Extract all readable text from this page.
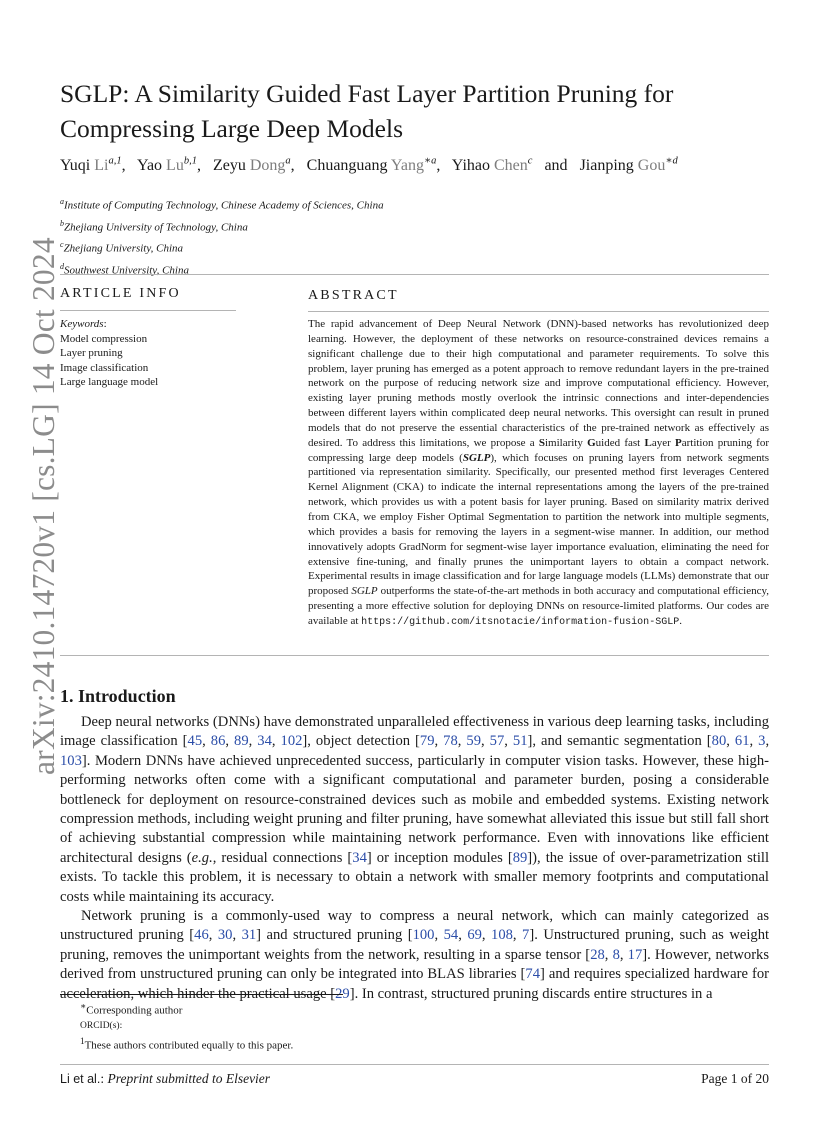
arXiv:2410.14720v1 [cs.LG] 14 Oct 2024
SGLP: A Similarity Guided Fast Layer Partition Pruning for Compressing Large Deep Models
Yuqi Li$^{a,1}$, Yao Lu$^{b,1}$, Zeyu Dong$^a$, Chuanguang Yang$^{∗a}$, Yihao Chen$^c$ and Jianping Gou$^{∗d}$
$^a$Institute of Computing Technology, Chinese Academy of Sciences, China
$^b$Zhejiang University of Technology, China
$^c$Zhejiang University, China
$^d$Southwest University, China
ARTICLE INFO
Keywords:
Model compression
Layer pruning
Image classification
Large language model
ABSTRACT

The rapid advancement of Deep Neural Network (DNN)-based networks has revolutionized deep learning. However, the deployment of these networks on resource-constrained devices remains a significant challenge due to their high computational and parameter requirements. To solve this problem, layer pruning has emerged as a potent approach to remove redundant layers in the pre-trained network on the purpose of reducing network size and improve computational efficiency. However, existing layer pruning methods mostly overlook the intrinsic connections and inter-dependencies between different layers within complicated deep neural networks. This oversight can result in pruned models that do not preserve the essential characteristics of the pre-trained network as effectively as desired. To address this limitations, we propose a Similarity Guided fast Layer Partition pruning for compressing large deep models (SGLP), which focuses on pruning layers from network segments partitioned via representation similarity. Specifically, our presented method first leverages Centered Kernel Alignment (CKA) to indicate the internal representations among the layers of the pre-trained network, which provides us with a potent basis for layer pruning. Based on similarity matrix derived from CKA, we employ Fisher Optimal Segmentation to partition the network into multiple segments, which provides a basis for removing the layers in a segment-wise manner. In addition, our method innovatively adopts GradNorm for segment-wise layer importance evaluation, eliminating the need for extensive fine-tuning, and finally prunes the unimportant layers to obtain a compact network. Experimental results in image classification and for large language models (LLMs) demonstrate that our proposed SGLP outperforms the state-of-the-art methods in both accuracy and computational efficiency, presenting a more effective solution for deploying DNNs on resource-limited platforms. Our codes are available at https://github.com/itsnotacie/information-fusion-SGLP.

1. Introduction

Deep neural networks (DNNs) have demonstrated unparalleled effectiveness in various deep learning tasks, including image classification [45, 86, 89, 34, 102], object detection [79, 78, 59, 57, 51], and semantic segmentation [80, 61, 3, 103]. Modern DNNs have achieved unprecedented success, particularly in computer vision tasks. However, these high-performing networks often come with a significant computational and parameter burden, posing a considerable bottleneck for deployment on resource-constrained devices such as mobile and embedded systems. Existing network compression methods, including weight pruning and filter pruning, have somewhat alleviated this issue but still fall short of achieving substantial compression while maintaining network performance. Even with innovations like efficient architectural designs (e.g., residual connections [34] or inception modules [89]), the issue of over-parametrization still exists. To tackle this problem, it is necessary to obtain a network with smaller memory footprints and computational costs while maintaining its accuracy.

Network pruning is a commonly-used way to compress a neural network, which can mainly categorized as unstructured pruning [46, 30, 31] and structured pruning [100, 54, 69, 108, 7]. Unstructured pruning, such as weight pruning, removes the unimportant weights from the network, resulting in a sparse tensor [28, 8, 17]. However, networks derived from unstructured pruning can only be integrated into BLAS libraries [74] and requires specialized hardware for acceleration, which hinder the practical usage [29]. In contrast, structured pruning discards entire structures in a

∗Corresponding author
ORCID(s):
$^1$These authors contributed equally to this paper.
Li et al.: Preprint submitted to Elsevier	Page 1 of 20
